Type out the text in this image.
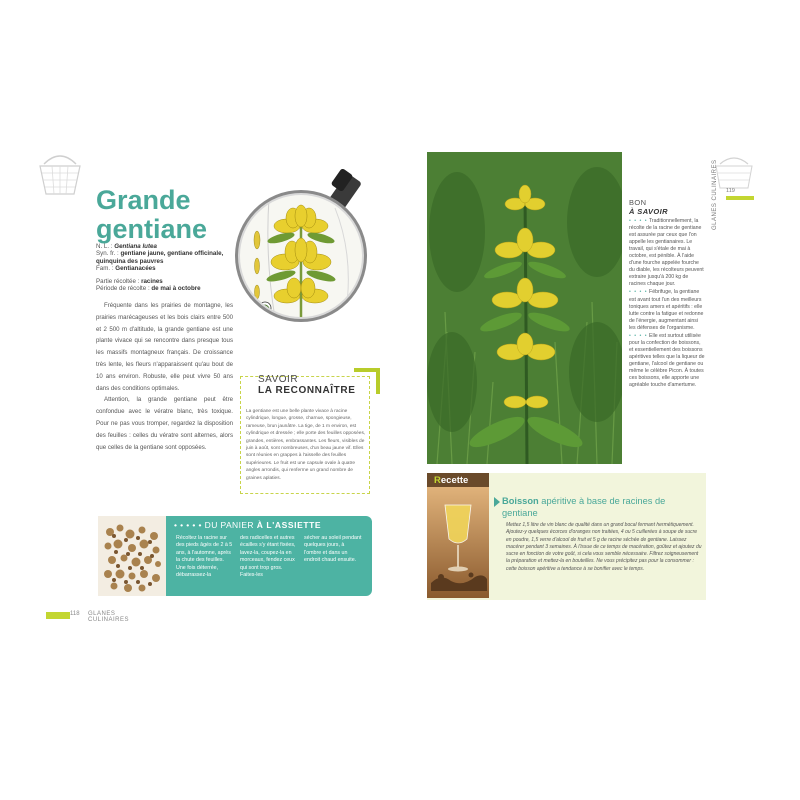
Grande
gentiane
N. L. : Gentiana lutea
Syn. fr. : gentiane jaune, gentiane officinale, quinquina des pauvres
Fam. : Gentianacées
Partie récoltée : racines
Période de récolte : de mai à octobre

Fréquente dans les prairies de montagne, les prairies marécageuses et les bois clairs entre 500 et 2 500 m d'altitude, la grande gentiane est une plante vivace qui se rencontre dans presque tous les massifs montagneux français. De croissance très lente, les fleurs n'apparaissent qu'au bout de 10 ans environ. Robuste, elle peut vivre 50 ans dans des conditions optimales.

Attention, la grande gentiane peut être confondue avec le vératre blanc, très toxique. Pour ne pas vous tromper, regardez la disposition des feuilles : celles du vératre sont alternes, alors que celles de la gentiane sont opposées.

SAVOIR
LA RECONNAÎTRE
La gentiane est une belle plante vivace à racine cylindrique, longue, grosse, charnue, spongieuse, rameuse, brun jaunâtre. La tige, de 1 m environ, est cylindrique et dressée ; elle porte des feuilles opposées, grandes, entières, embrassantes. Les fleurs, visibles de juin à août, sont nombreuses, d'un beau jaune vif. Elles sont réunies en grappes à l'aisselle des feuilles supérieures. Le fruit est une capsule ovale à quatre angles arrondis, qui renferme un grand nombre de graines aplaties.
• • • • • DU PANIER À L'ASSIETTE
Récoltez la racine sur des pieds âgés de 2 à 5 ans, à l'automne, après la chute des feuilles. Une fois déterrée, débarrassez-la
des radicelles et autres écailles s'y étant fixées, lavez-la, coupez-la en morceaux, fendez ceux qui sont trop gros. Faites-les
sécher au soleil pendant quelques jours, à l'ombre et dans un endroit chaud ensuite.
118 GLANES CULINAIRES
BON
À SAVOIR

• • • • Traditionnellement, la récolte de la racine de gentiane est assurée par ceux que l'on appelle les gentianaires. Le travail, qui s'étale de mai à octobre, est pénible. À l'aide d'une fourche appelée fourche du diable, les récolteurs peuvent extraire jusqu'à 200 kg de racines chaque jour.

• • • • Fébrifuge, la gentiane est avant tout l'un des meilleurs toniques amers et apéritifs : elle lutte contre la fatigue et redonne de l'énergie, augmentant ainsi les défenses de l'organisme.

• • • • Elle est surtout utilisée pour la confection de boissons, et essentiellement des boissons apéritives telles que la liqueur de gentiane, l'alcool de gentiane ou même le célèbre Picon. À toutes ces boissons, elle apporte une agréable touche d'amertume.

119
GLANES CULINAIRES
Recette
Boisson apéritive à base de racines de gentiane
Mettez 1,5 litre de vin blanc de qualité dans un grand bocal fermant hermétiquement. Ajoutez-y quelques écorces d'oranges non traitées, 4 ou 5 cuillerées à soupe de sucre en poudre, 1,5 verre d'alcool de fruit et 5 g de racine séchée de gentiane. Laissez macérer pendant 3 semaines. À l'issue de ce temps de macération, goûtez et ajoutez du sucre en fonction de votre goût, si cela vous semble nécessaire. Filtrez soigneusement la préparation et mettez-la en bouteilles. Ne vous précipitez pas pour la consommer : cette boisson apéritive a tendance à se bonifier avec le temps.
